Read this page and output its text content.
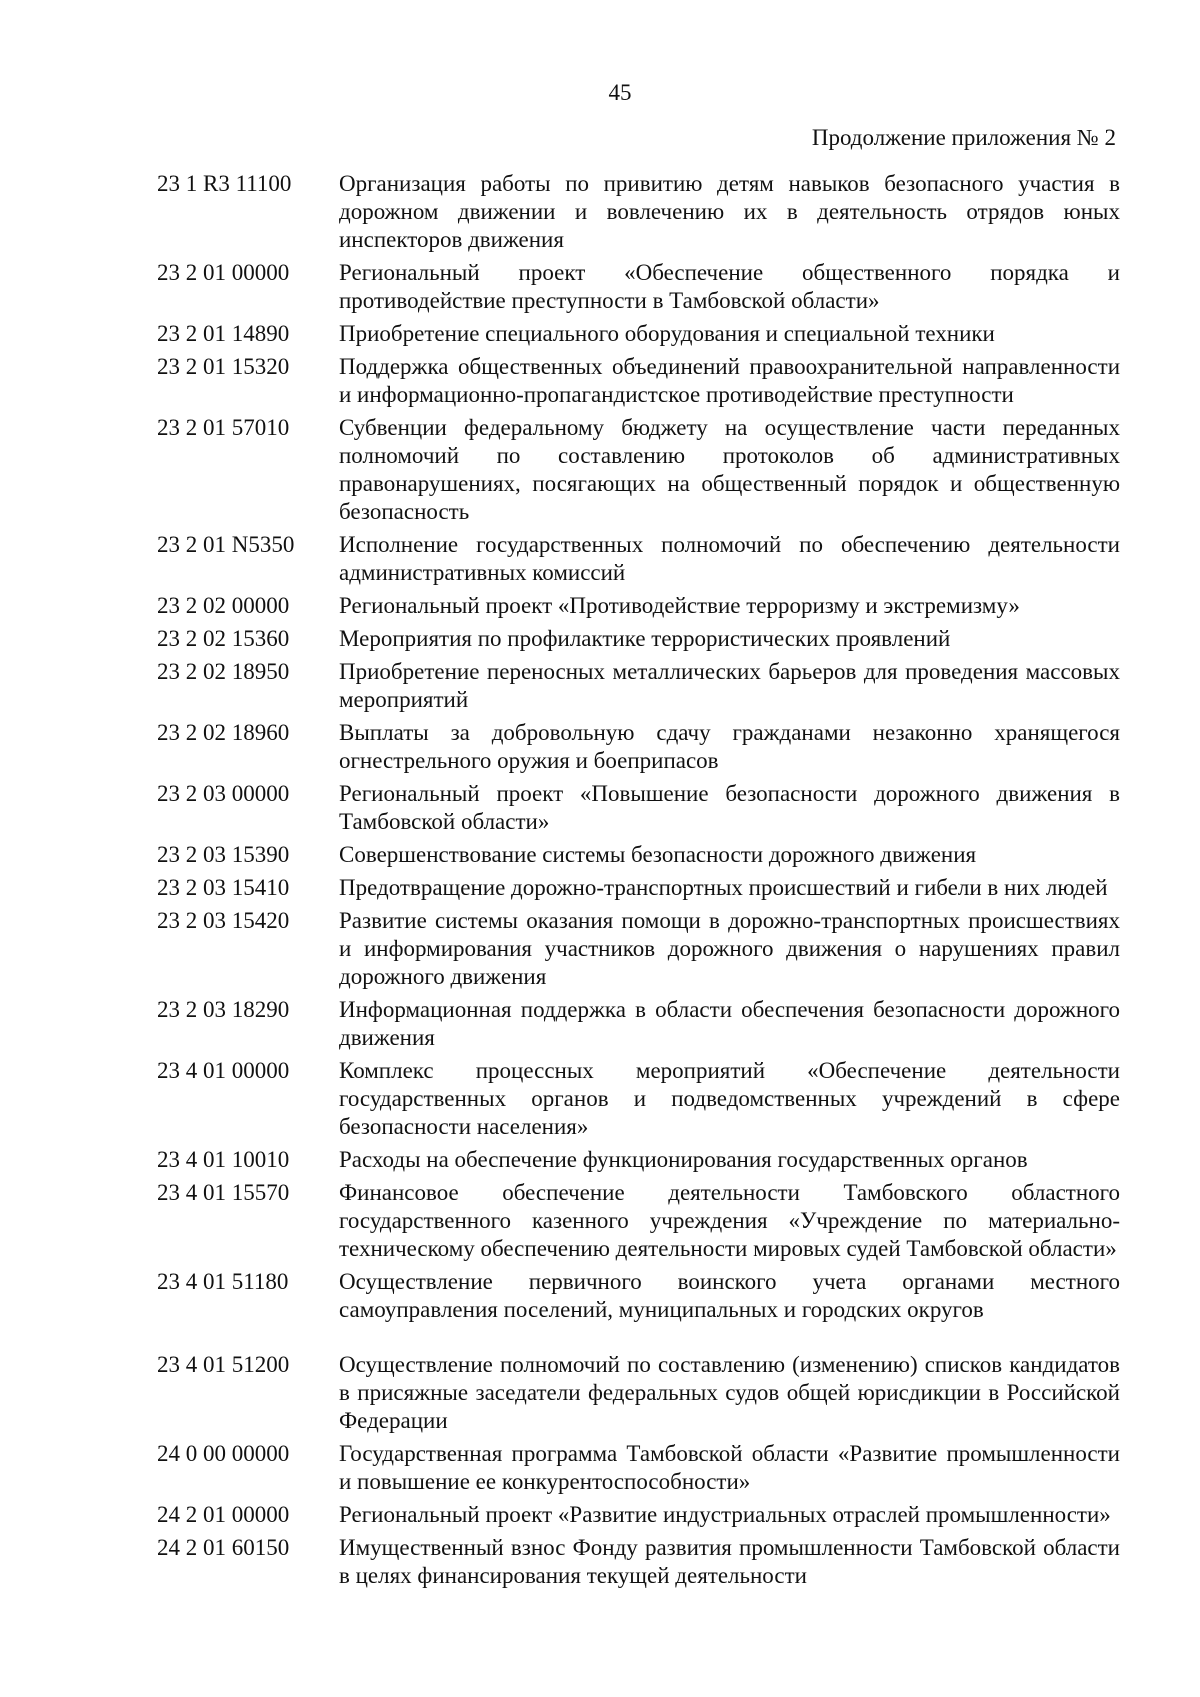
45
Продолжение приложения № 2
23 1 R3 11100	Организация работы по привитию детям навыков безопасного участия в дорожном движении и вовлечению их в деятельность отрядов юных инспекторов движения
23 2 01 00000	Региональный проект «Обеспечение общественного порядка и противодействие преступности в Тамбовской области»
23 2 01 14890	Приобретение специального оборудования и специальной техники
23 2 01 15320	Поддержка общественных объединений правоохранительной направленности и информационно-пропагандистское противодействие преступности
23 2 01 57010	Субвенции федеральному бюджету на осуществление части переданных полномочий по составлению протоколов об административных правонарушениях, посягающих на общественный порядок и общественную безопасность
23 2 01 N5350	Исполнение государственных полномочий по обеспечению деятельности административных комиссий
23 2 02 00000	Региональный проект «Противодействие терроризму и экстремизму»
23 2 02 15360	Мероприятия по профилактике террористических проявлений
23 2 02 18950	Приобретение переносных металлических барьеров для проведения массовых мероприятий
23 2 02 18960	Выплаты за добровольную сдачу гражданами незаконно хранящегося огнестрельного оружия и боеприпасов
23 2 03 00000	Региональный проект «Повышение безопасности дорожного движения в Тамбовской области»
23 2 03 15390	Совершенствование системы безопасности дорожного движения
23 2 03 15410	Предотвращение дорожно-транспортных происшествий и гибели в них людей
23 2 03 15420	Развитие системы оказания помощи в дорожно-транспортных происшествиях и информирования участников дорожного движения о нарушениях правил дорожного движения
23 2 03 18290	Информационная поддержка в области обеспечения безопасности дорожного движения
23 4 01 00000	Комплекс процессных мероприятий «Обеспечение деятельности государственных органов и подведомственных учреждений в сфере безопасности населения»
23 4 01 10010	Расходы на обеспечение функционирования государственных органов
23 4 01 15570	Финансовое обеспечение деятельности Тамбовского областного государственного казенного учреждения «Учреждение по материально-техническому обеспечению деятельности мировых судей Тамбовской области»
23 4 01 51180	Осуществление первичного воинского учета органами местного самоуправления поселений, муниципальных и городских округов
23 4 01 51200	Осуществление полномочий по составлению (изменению) списков кандидатов в присяжные заседатели федеральных судов общей юрисдикции в Российской Федерации
24 0 00 00000	Государственная программа Тамбовской области «Развитие промышленности и повышение ее конкурентоспособности»
24 2 01 00000	Региональный проект «Развитие индустриальных отраслей промышленности»
24 2 01 60150	Имущественный взнос Фонду развития промышленности Тамбовской области в целях финансирования текущей деятельности
